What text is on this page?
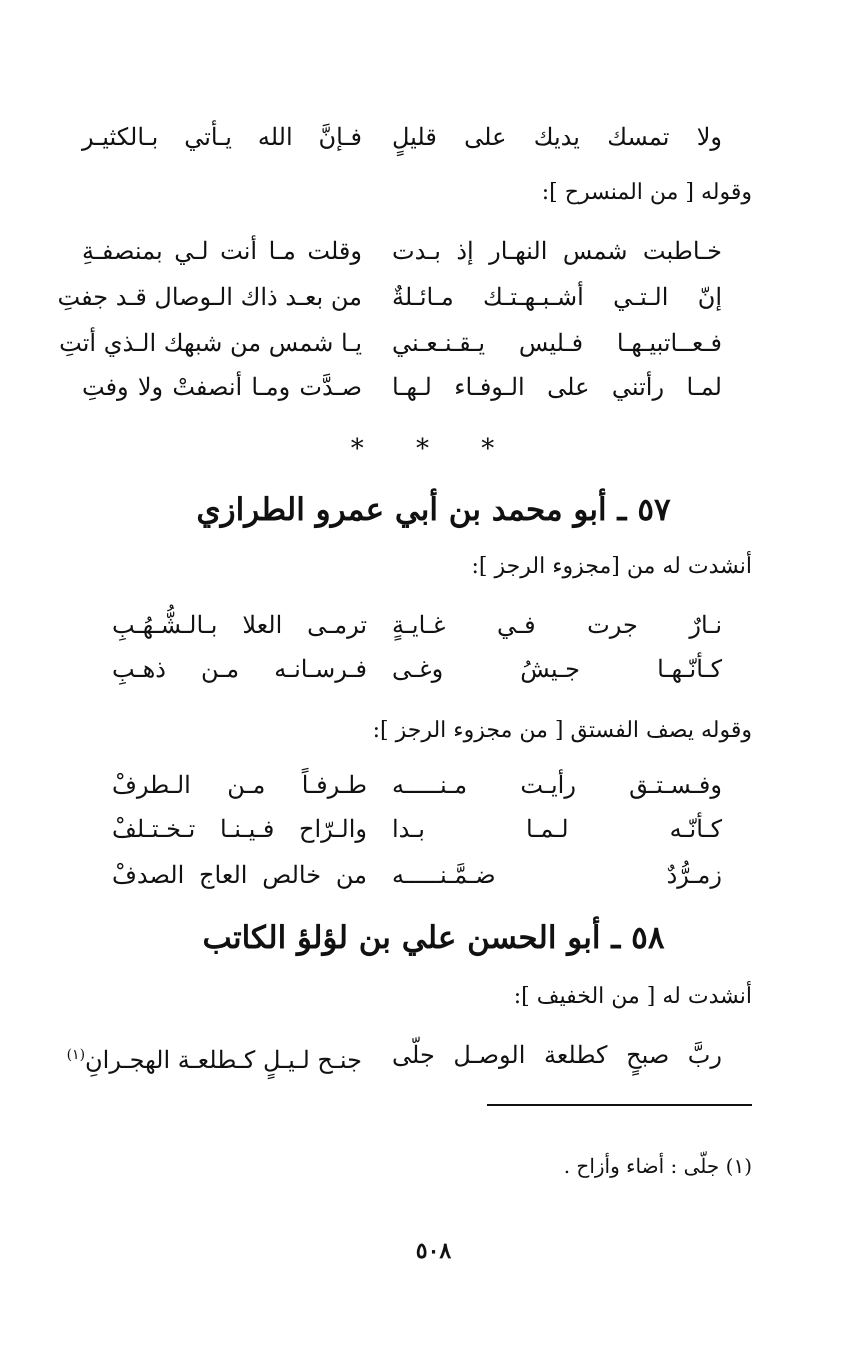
ولا تمسك يديك على قليلٍ
فـإنَّ الله يـأتي بـالكثيـر
وقوله [ من المنسرح ]:
خـاطبت شمس النهـار إذ بـدت
وقلت مـا أنت لـي بمنصفـةِ
إنّ الـتـي أشـبـهـتـك مـائـلةٌ
من بعـد ذاك الـوصال قـد جفتِ
فـعــاتبيـهـا فـليس يـقـنـعـني
يـا شمس من شبهك الـذي أتتِ
لمـا رأتني على الـوفـاء لـهـا
صـدَّت ومـا أنصفتْ ولا وفتِ
* * *
٥٧ ـ أبو محمد بن أبي عمرو الطرازي
أنشدت له من [مجزوء الرجز ]:
نـارٌ جرت فـي غـايـةٍ
ترمـى العلا بـالـشُّـهُـبِ
كـأنّـهـا جـيشُ وغـى
فـرسـانـه مـن ذهـبِ
وقوله يصف الفستق [ من مجزوء الرجز ]:
وفـسـتـق رأيـت مـنـــــه
طـرفـاً مـن الـطرفْ
كـأنّـه لـمـا بـدا
والـرّاح فـيـنـا تـخـتـلفْ
زمـرُّدٌ ضـمَّـنـــــه
من خالص العاج الصدفْ
٥٨ ـ أبو الحسن علي بن لؤلؤ الكاتب
أنشدت له [ من الخفيف ]:
ربَّ صبحٍ كطلعة الوصـل جلّى
جنـح لـيـلٍ كـطلعـة الهجـرانِ$^{(١)}$
(١) جلّى : أضاء وأزاح .
٥٠٨
